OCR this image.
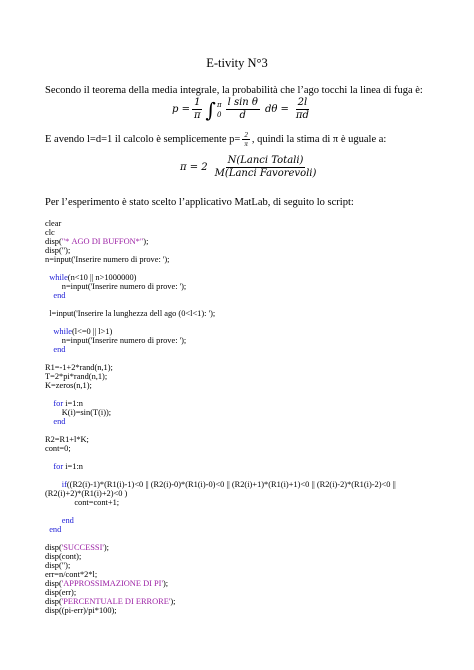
E-tivity N°3
Secondo il teorema della media integrale, la probabilità che l’ago tocchi la linea di fuga è:
$p = \frac{1}{\pi}$ ∫ π
$0 \frac{\text{l sin θ}}{d}$ $d\theta = \frac{2l}{\pi d}$
E avendo l=d=1 il calcolo è semplicemente $p= \frac{2}{\pi}$ , quindi la stima di π è uguale a:
$\pi = 2 \frac{\text{N(Lanci Totali)}}{\text{M(Lanci Favorevoli)}}$
Per l’esperimento è stato scelto l’applicativo MatLab, di seguito lo script:
clear
clc
disp("* AGO DI BUFFON*");
disp(");
n=input('Inserire numero di prove: ');
while(n<10 || n>1000000)
n=input('Inserire numero di prove: ');
end
l=input('Inserire la lunghezza dell ago (0<l<1): ');
while(l<=0 || l>1)
n=input('Inserire numero di prove: ');
end
R1=-1+2*rand(n,1);
T=2*pi*rand(n,1);
K=zeros(n,1);
for i=1:n
K(i)=sin(T(i));
end
R2=R1+l*K;
cont=0;
for i=1:n
if((R2(i)-1)*(R1(i)-1)<0 || (R2(i)-0)*(R1(i)-0)<0 || (R2(i)+1)*(R1(i)+1)<0 || (R2(i)-2)*(R1(i)-2)<0 ||
(R2(i)+2)*(R1(i)+2)<0 )
cont=cont+1;
end
end
disp('SUCCESSI');
disp(cont);
disp(");
err=n/cont*2*l;
disp('APPROSSIMAZIONE DI PI');
disp(err);
disp('PERCENTUALE DI ERRORE');
disp((pi-err)/pi*100);
